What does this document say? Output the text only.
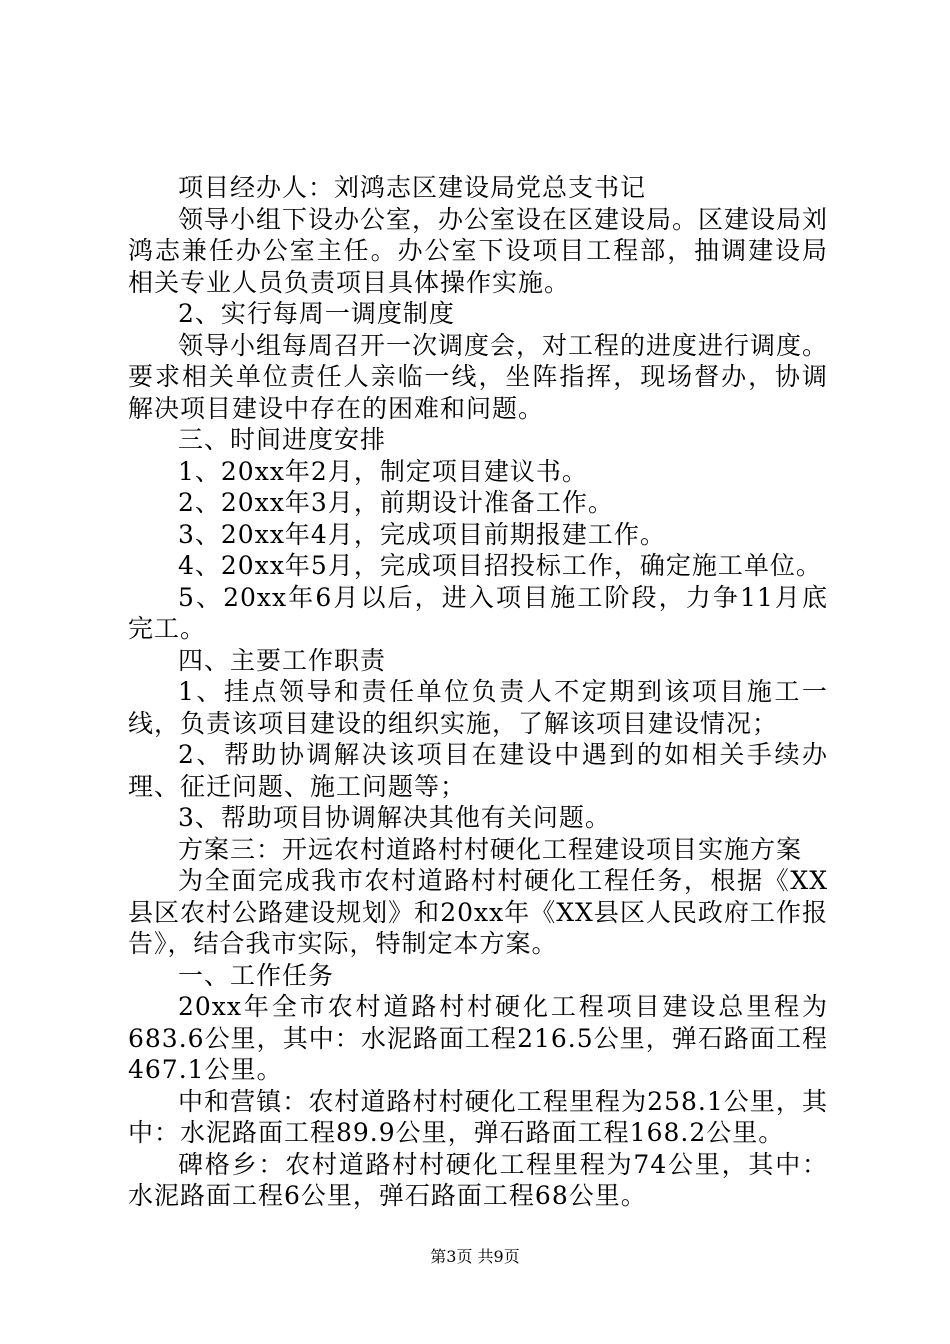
项目经办人：刘鸿志区建设局党总支书记

领导小组下设办公室，办公室设在区建设局。区建设局刘鸿志兼任办公室主任。办公室下设项目工程部，抽调建设局相关专业人员负责项目具体操作实施。

2、实行每周一调度制度

领导小组每周召开一次调度会，对工程的进度进行调度。要求相关单位责任人亲临一线，坐阵指挥，现场督办，协调解决项目建设中存在的困难和问题。

三、时间进度安排

1、20xx年2月，制定项目建议书。

2、20xx年3月，前期设计准备工作。

3、20xx年4月，完成项目前期报建工作。

4、20xx年5月，完成项目招投标工作，确定施工单位。

5、20xx年6月以后，进入项目施工阶段，力争11月底完工。

四、主要工作职责

1、挂点领导和责任单位负责人不定期到该项目施工一线，负责该项目建设的组织实施，了解该项目建设情况；

2、帮助协调解决该项目在建设中遇到的如相关手续办理、征迁问题、施工问题等；

3、帮助项目协调解决其他有关问题。

方案三：开远农村道路村村硬化工程建设项目实施方案

为全面完成我市农村道路村村硬化工程任务，根据《XX县区农村公路建设规划》和20xx年《XX县区人民政府工作报告》，结合我市实际，特制定本方案。

一、工作任务

20xx年全市农村道路村村硬化工程项目建设总里程为683.6公里，其中：水泥路面工程216.5公里，弹石路面工程467.1公里。

中和营镇：农村道路村村硬化工程里程为258.1公里，其中：水泥路面工程89.9公里，弹石路面工程168.2公里。

碑格乡：农村道路村村硬化工程里程为74公里，其中：水泥路面工程6公里，弹石路面工程68公里。

第3页 共9页
